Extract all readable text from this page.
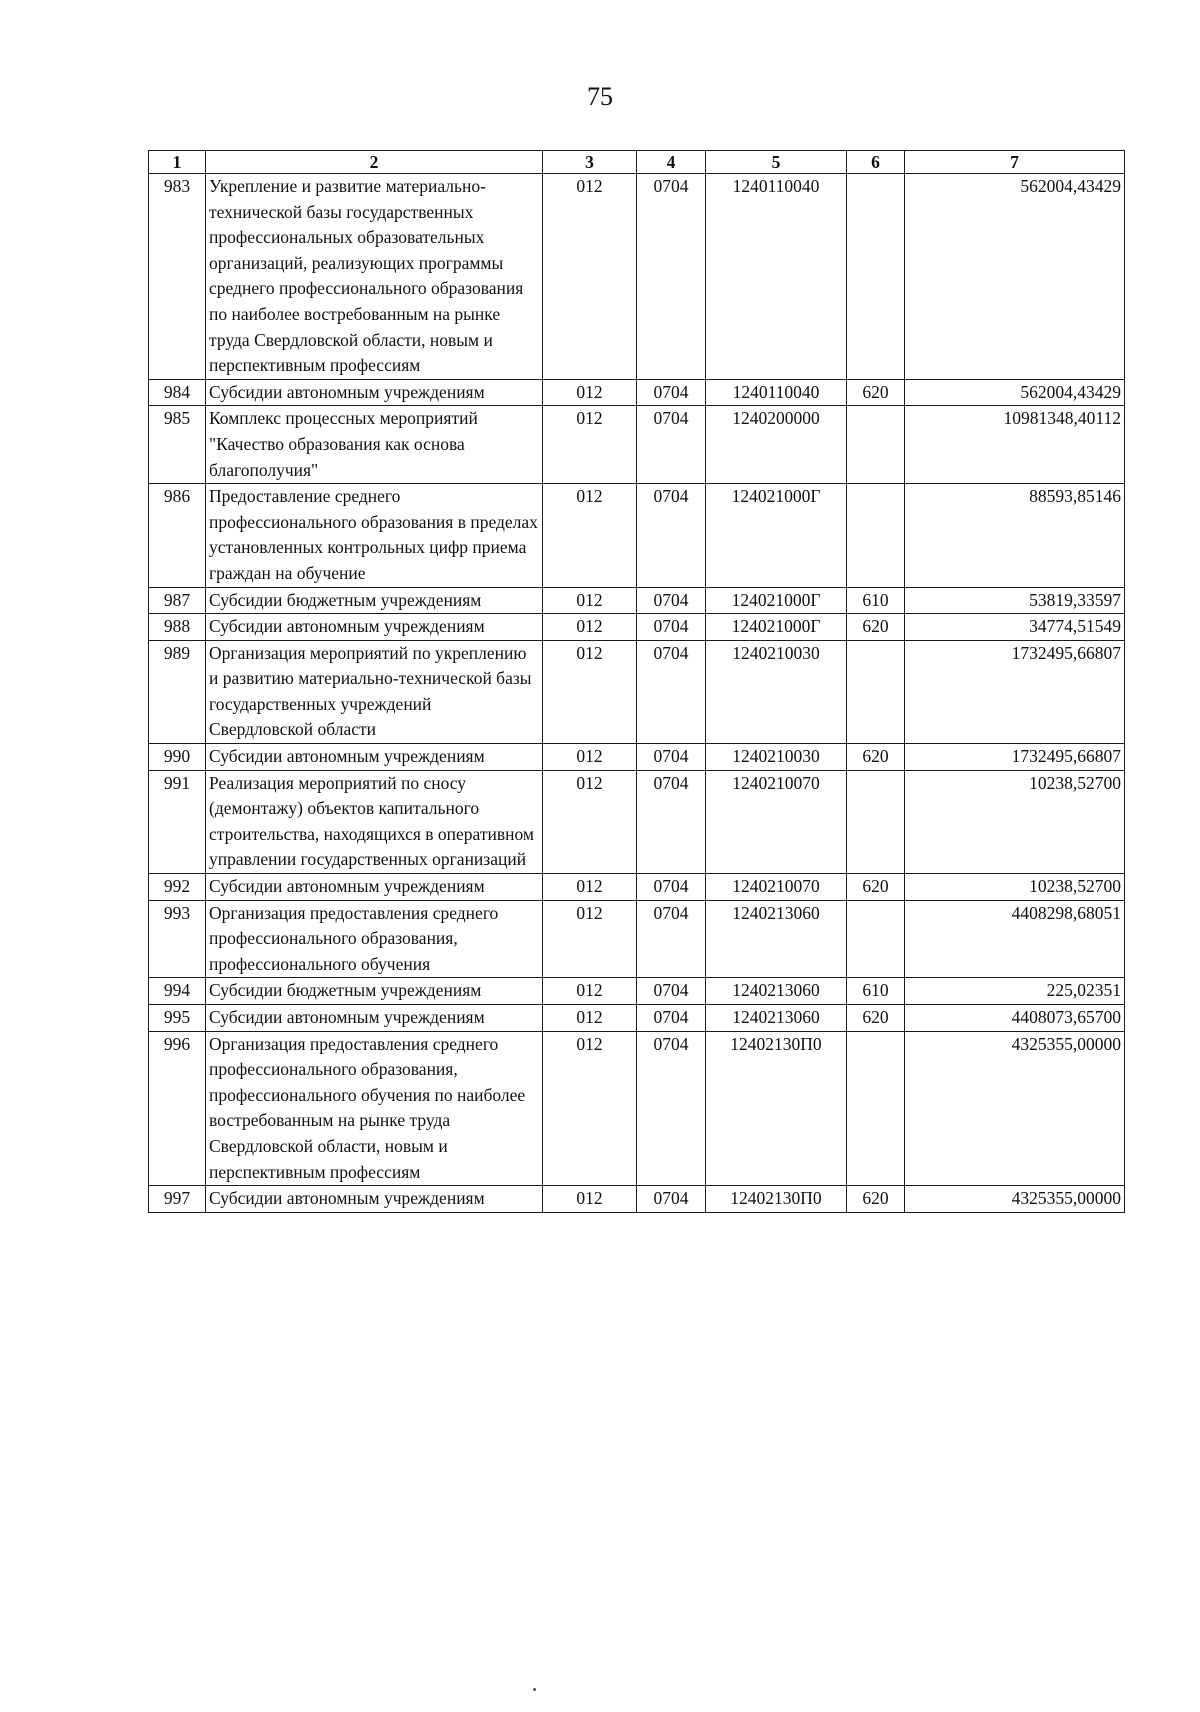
75
1	2	3	4	5	6	7
983	Укрепление и развитие материально-технической базы государственных профессиональных образовательных организаций, реализующих программы среднего профессионального образования по наиболее востребованным на рынке труда Свердловской области, новым и перспективным профессиям	012	0704	1240110040		562004,43429
984	Субсидии автономным учреждениям	012	0704	1240110040	620	562004,43429
985	Комплекс процессных мероприятий "Качество образования как основа благополучия"	012	0704	1240200000		10981348,40112
986	Предоставление среднего профессионального образования в пределах установленных контрольных цифр приема граждан на обучение	012	0704	124021000Г		88593,85146
987	Субсидии бюджетным учреждениям	012	0704	124021000Г	610	53819,33597
988	Субсидии автономным учреждениям	012	0704	124021000Г	620	34774,51549
989	Организация мероприятий по укреплению и развитию материально-технической базы государственных учреждений Свердловской области	012	0704	1240210030		1732495,66807
990	Субсидии автономным учреждениям	012	0704	1240210030	620	1732495,66807
991	Реализация мероприятий по сносу (демонтажу) объектов капитального строительства, находящихся в оперативном управлении государственных организаций	012	0704	1240210070		10238,52700
992	Субсидии автономным учреждениям	012	0704	1240210070	620	10238,52700
993	Организация предоставления среднего профессионального образования, профессионального обучения	012	0704	1240213060		4408298,68051
994	Субсидии бюджетным учреждениям	012	0704	1240213060	610	225,02351
995	Субсидии автономным учреждениям	012	0704	1240213060	620	4408073,65700
996	Организация предоставления среднего профессионального образования, профессионального обучения по наиболее востребованным на рынке труда Свердловской области, новым и перспективным профессиям	012	0704	12402130П0		4325355,00000
997	Субсидии автономным учреждениям	012	0704	12402130П0	620	4325355,00000
